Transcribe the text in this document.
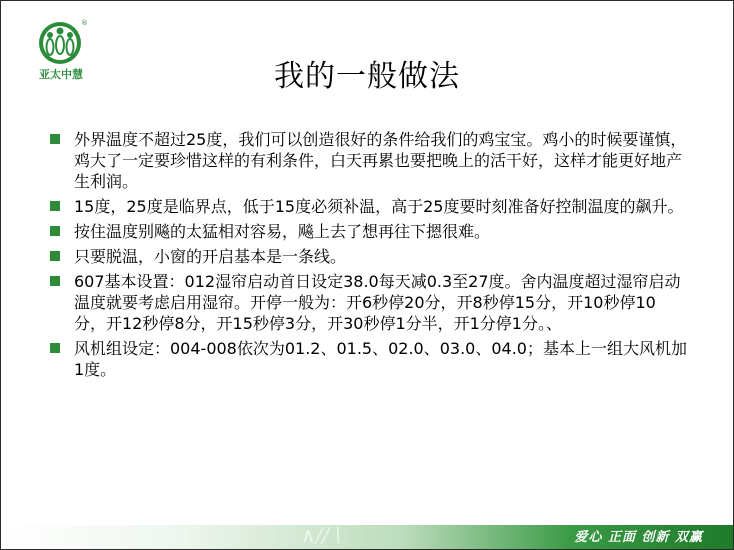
®
亚太中慧	我的一般做法
外界温度不超过25度，我们可以创造很好的条件给我们的鸡宝宝。鸡小的时候要谨慎，鸡大了一定要珍惜这样的有利条件，白天再累也要把晚上的活干好，这样才能更好地产生利润。
15度，25度是临界点，低于15度必须补温，高于25度要时刻准备好控制温度的飙升。
按住温度别飚的太猛相对容易，飚上去了想再往下摁很难。
只要脱温，小窗的开启基本是一条线。
607基本设置：012湿帘启动首日设定38.0每天减0.3至27度。舍内温度超过湿帘启动温度就要考虑启用湿帘。开停一般为：开6秒停20分，开8秒停15分，开10秒停10分，开12秒停8分，开15秒停3分，开30秒停1分半，开1分停1分。、
风机组设定：004-008依次为01.2、01.5、02.0、03.0、04.0；基本上一组大风机加1度。
∧∕∕∖	爱心 正面 创新 双赢
